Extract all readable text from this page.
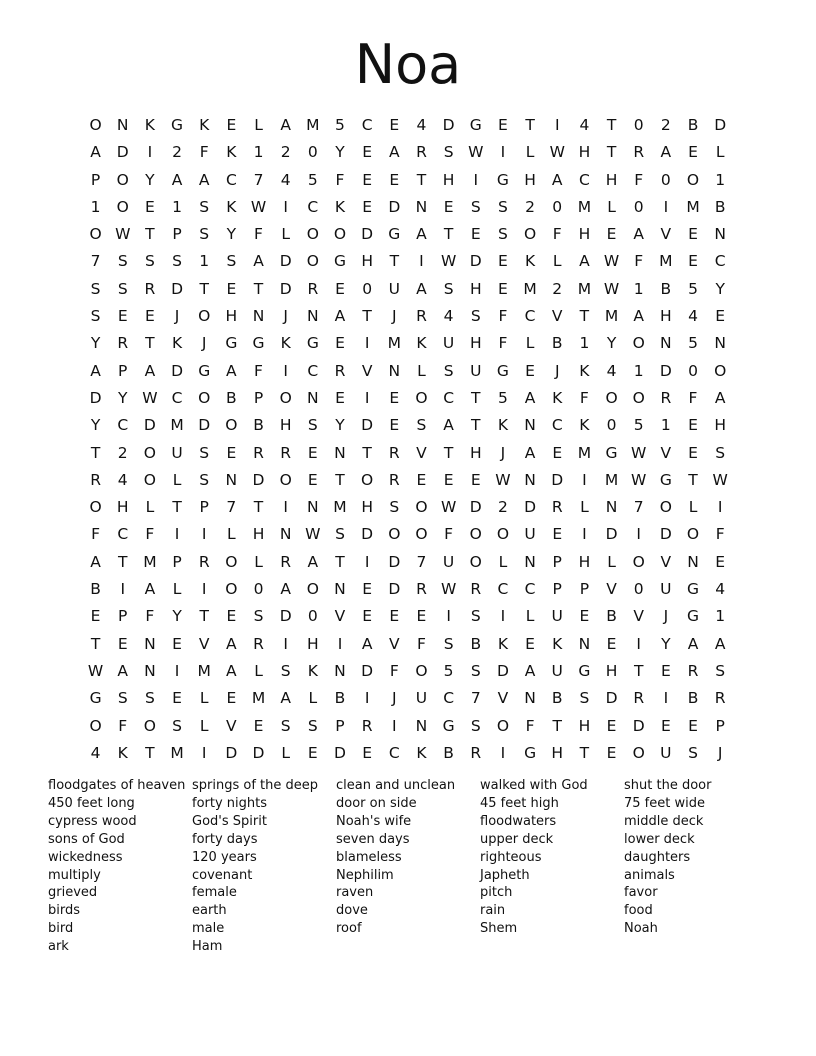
Noa
O N	K	G	K	E	L	A M	5	C	E	4	D G	E	T	I	4	T	0	2	B	D
A	D	I	2	F	K	1	2	0	Y	E	A	R	S W	I	L W H	T	R	A	E	L
P	O	Y	A	A	C	7	4	5	F	E	E	T	H	I	G H	A	C	H	F	0	O	1
1	O	E	1	S	K W	I	C	K	E	D N	E	S	S	2	0	M	L	0	I	M B
O W T	P	S	Y	F	L	O O D G	A	T	E	S	O	F	H	E	A	V	E	N
7	S	S	S	1	S	A	D O G H	T	I	W D	E	K	L	A W F	M	E	C
S	S	R	D	T	E	T	D	R	E	0	U	A	S	H	E	M	2	M W 1	B	5	Y
S	E	E	J	O H	N	J	N	A	T	J	R	4	S	F	C	V	T	M A	H	4	E
Y	R	T	K	J	G G	K	G	E	I	M K	U	H	F	L	B	1	Y	O N	5	N
A	P	A	D G	A	F	I	C	R	V	N	L	S	U G	E	J	K	4	1	D	0	O
D	Y W C	O	B	P	O N	E	I	E	O	C	T	5	A	K	F	O O	R	F	A
Y	C	D M D O	B	H	S	Y	D	E	S	A	T	K	N	C	K	0	5	1	E	H
T	2	O U	S	E	R	R	E	N	T	R	V	T	H	J	A	E	M G W V	E	S
R	4	O	L	S	N D O	E	T	O	R	E	E	E W N D	I	M W G	T W
O H	L	T	P	7	T	I	N M H	S	O W D	2	D	R	L	N	7	O	L	I
F	C	F	I	I	L	H	N W S	D O O	F	O O U	E	I	D	I	D O	F
A	T	M	P	R	O	L	R	A	T	I	D	7	U O	L	N	P	H	L	O	V	N	E
B	I	A	L	I	O	0	A	O N	E	D	R W R	C	C	P	P	V	0	U G	4
E	P	F	Y	T	E	S	D	0	V	E	E	E	I	S	I	L	U	E	B	V	J	G	1
T	E	N	E	V	A	R	I	H	I	A	V	F	S	B	K	E	K	N	E	I	Y	A	A
W A	N	I	M A	L	S	K	N D	F	O	5	S	D	A	U G H	T	E	R	S
G	S	S	E	L	E	M A	L	B	I	J	U	C	7	V	N	B	S	D	R	I	B	R
O	F	O	S	L	V	E	S	S	P	R	I	N G	S	O	F	T	H	E	D	E	E	P
4	K	T	M	I	D D	L	E	D	E	C	K	B	R	I	G H	T	E	O U	S	J
floodgates of heaven
450 feet long
cypress wood
sons of God
wickedness
multiply
grieved
birds
bird
ark
springs of the deep
forty nights
God's Spirit
forty days
120 years
covenant
female
earth
male
Ham
clean and unclean
door on side
Noah's wife
seven days
blameless
Nephilim
raven
dove
roof
walked with God
45 feet high
floodwaters
upper deck
righteous
Japheth
pitch
rain
Shem
shut the door
75 feet wide
middle deck
lower deck
daughters
animals
favor
food
Noah
